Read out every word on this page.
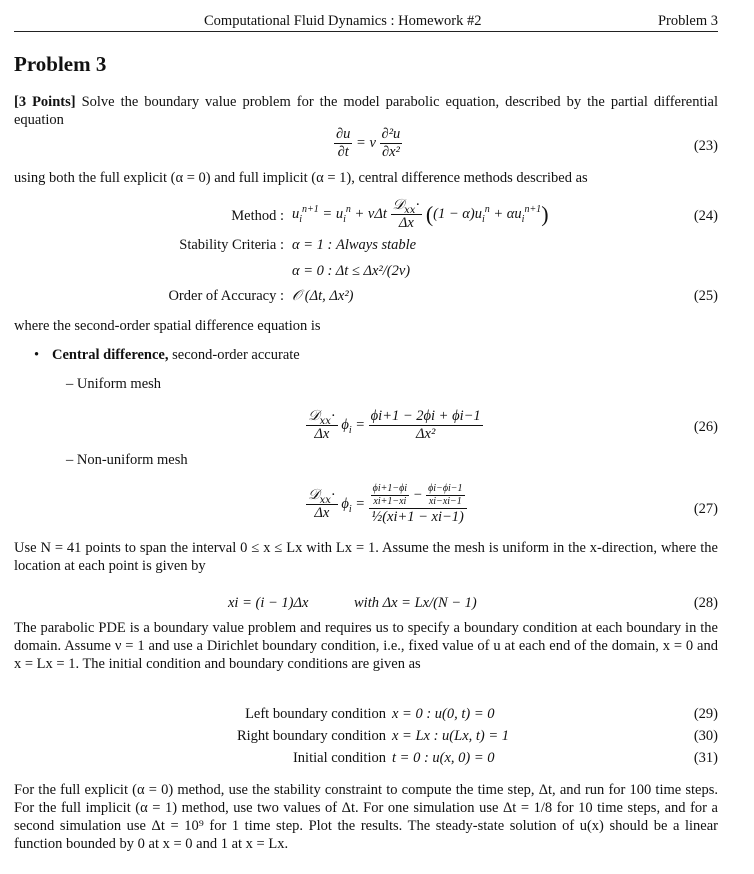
Computational Fluid Dynamics : Homework #2	Problem 3
Problem 3
[3 Points] Solve the boundary value problem for the model parabolic equation, described by the partial differential equation
$\frac{\partial u}{\partial t} = \nu \frac{\text{∂²u}}{\text{∂x²}}$	(23)
using both the full explicit (α = 0) and full implicit (α = 1), central difference methods described as
Method : $u_i^{n+1} = u_i^n + \nu\Delta t \frac{𝒟_{xx}\cdot}{\Delta x} ((1 - \alpha)u_i^n + \alpha u_i^{n+1})$	(24)
Stability Criteria : α = 1 : Always stable
α = 0 : Δt ≤ Δx²/(2ν)
Order of Accuracy : 𝒪 (Δt, Δx²)	(25)
where the second-order spatial difference equation is
• Central difference, second-order accurate
– Uniform mesh
$\frac{𝒟_{xx}\cdot}{\Delta x} \phi_i = \frac{\phi i+1 - 2\phi i + \phi i-1}{\text{Δx²}}$	(26)
– Non-uniform mesh
$\frac{𝒟_{xx}\cdot}{\Delta x} \phi_i = \frac{\frac{\phi i+1-\phi i}{xi+1-xi} - \frac{\phi i-\phi i-1}{xi-xi-1}}{\text{½(xi+1 − xi−1)}}$	(27)
Use N = 41 points to span the interval 0 ≤ x ≤ Lx with Lx = 1. Assume the mesh is uniform in the x-direction, where the location at each point is given by
xi = (i − 1)Δx	with Δx = Lx/(N − 1)	(28)
The parabolic PDE is a boundary value problem and requires us to specify a boundary condition at each boundary in the domain. Assume ν = 1 and use a Dirichlet boundary condition, i.e., fixed value of u at each end of the domain, x = 0 and x = Lx = 1. The initial condition and boundary conditions are given as
Left boundary condition x = 0 : u(0, t) = 0	(29)
Right boundary condition x = Lx : u(Lx, t) = 1	(30)
Initial condition t = 0 : u(x, 0) = 0	(31)
For the full explicit (α = 0) method, use the stability constraint to compute the time step, Δt, and run for 100 time steps. For the full implicit (α = 1) method, use two values of Δt. For one simulation use Δt = 1/8 for 10 time steps, and for a second simulation use Δt = 10⁹ for 1 time step. Plot the results. The steady-state solution of u(x) should be a linear function bounded by 0 at x = 0 and 1 at x = Lx.
